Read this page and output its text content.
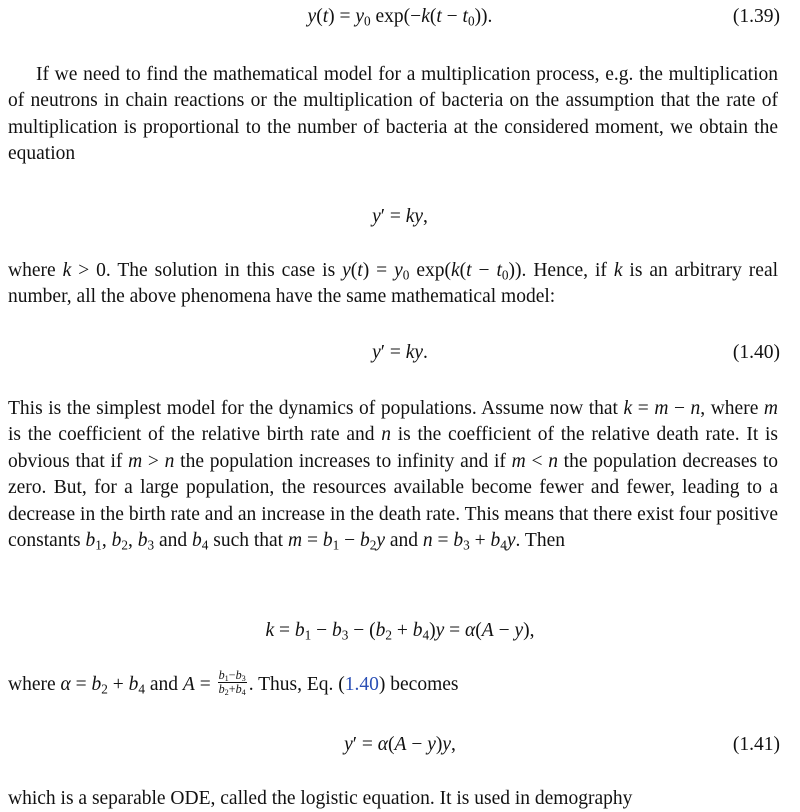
$y(t) = y_0$ $\exp(-k(t - t_0))$.	(1.39)
If we need to find the mathematical model for a multiplication process, e.g. the multiplication of neutrons in chain reactions or the multiplication of bacteria on the assumption that the rate of multiplication is proportional to the number of bacteria at the considered moment, we obtain the equation
y′ = ky,
where k > 0. The solution in this case is $y(t) = y_0$ $\exp(k(t - t_0))$. Hence, if k is an arbitrary real number, all the above phenomena have the same mathematical model:
y′ = ky.	(1.40)
This is the simplest model for the dynamics of populations. Assume now that k = m − n, where m is the coefficient of the relative birth rate and n is the coefficient of the relative death rate. It is obvious that if m > n the population increases to infinity and if m < n the population decreases to zero. But, for a large population, the resources available become fewer and fewer, leading to a decrease in the birth rate and an increase in the death rate. This means that there exist four positive constants $b_1$, $b_2$, $b_3$ and $b_4$ such that $m = b_1 - b_2y$ and $n = b_3 + b_4y$. Then
$k = b_1 - b_3 - (b_2 + b_4)y = \alpha(A - y)$,
where $\alpha = b_2 + b_4$ and $A = \frac{b_1-b_3}{b_2+b_4}$ . Thus, Eq. (1.40) becomes
y′ = α(A − y)y,	(1.41)
which is a separable ODE, called the logistic equation. It is used in demography
